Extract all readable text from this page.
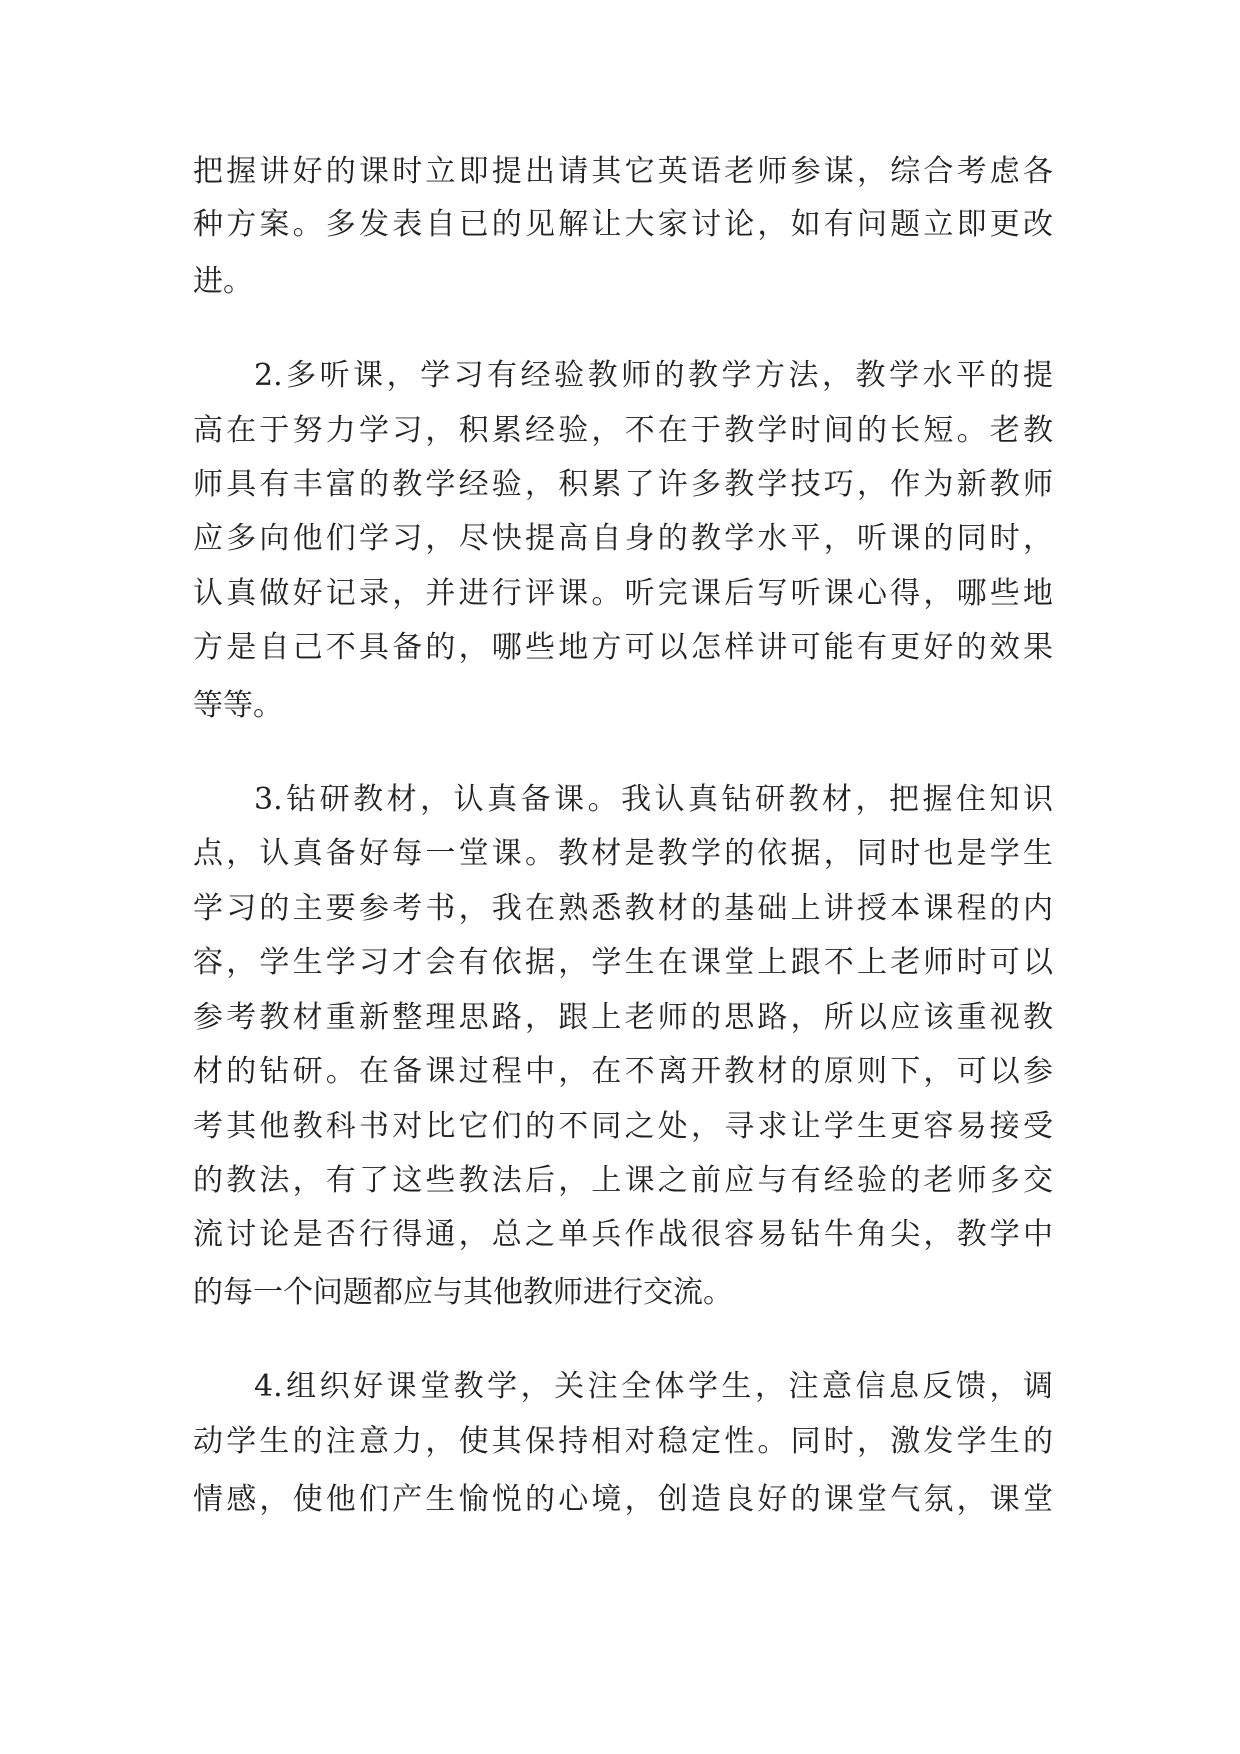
把握讲好的课时立即提出请其它英语老师参谋，综合考虑各
种方案。多发表自已的见解让大家讨论，如有问题立即更改
进。
2.多听课，学习有经验教师的教学方法，教学水平的提
高在于努力学习，积累经验，不在于教学时间的长短。老教
师具有丰富的教学经验，积累了许多教学技巧，作为新教师
应多向他们学习，尽快提高自身的教学水平，听课的同时，
认真做好记录，并进行评课。听完课后写听课心得，哪些地
方是自己不具备的，哪些地方可以怎样讲可能有更好的效果
等等。
3.钻研教材，认真备课。我认真钻研教材，把握住知识
点，认真备好每一堂课。教材是教学的依据，同时也是学生
学习的主要参考书，我在熟悉教材的基础上讲授本课程的内
容，学生学习才会有依据，学生在课堂上跟不上老师时可以
参考教材重新整理思路，跟上老师的思路，所以应该重视教
材的钻研。在备课过程中，在不离开教材的原则下，可以参
考其他教科书对比它们的不同之处，寻求让学生更容易接受
的教法，有了这些教法后，上课之前应与有经验的老师多交
流讨论是否行得通，总之单兵作战很容易钻牛角尖，教学中
的每一个问题都应与其他教师进行交流。
4.组织好课堂教学，关注全体学生，注意信息反馈，调
动学生的注意力，使其保持相对稳定性。同时，激发学生的
情感，使他们产生愉悦的心境，创造良好的课堂气氛，课堂
